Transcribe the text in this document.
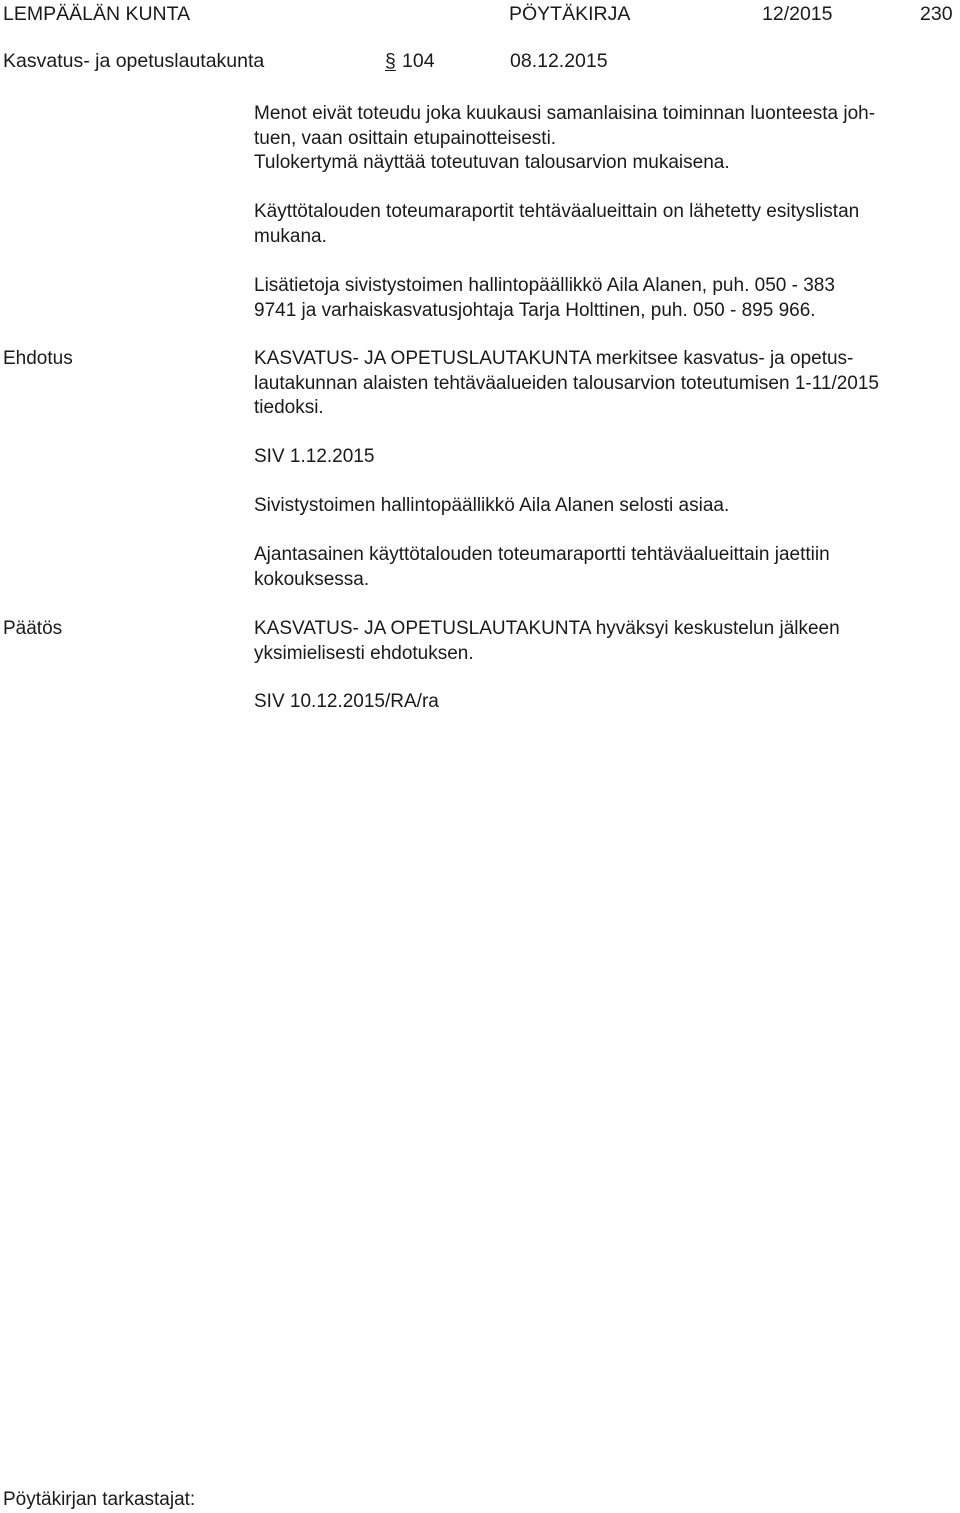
LEMPÄÄLÄN KUNTA	PÖYTÄKIRJA	12/2015	230
Kasvatus- ja opetuslautakunta	§ 104	08.12.2015
Menot eivät toteudu joka kuukausi samanlaisina toiminnan luonteesta joh-
tuen, vaan osittain etupainotteisesti.
Tulokertymä näyttää toteutuvan talousarvion mukaisena.
Käyttötalouden toteumaraportit tehtäväalueittain on lähetetty esityslistan
mukana.
Lisätietoja sivistystoimen hallintopäällikkö Aila Alanen, puh. 050 - 383
9741 ja varhaiskasvatusjohtaja Tarja Holttinen, puh. 050 - 895 966.
Ehdotus	KASVATUS- JA OPETUSLAUTAKUNTA merkitsee kasvatus- ja opetus-
lautakunnan alaisten tehtäväalueiden talousarvion toteutumisen 1-11/2015
tiedoksi.
SIV 1.12.2015
Sivistystoimen hallintopäällikkö Aila Alanen selosti asiaa.
Ajantasainen käyttötalouden toteumaraportti tehtäväalueittain jaettiin
kokouksessa.
Päätös	KASVATUS- JA OPETUSLAUTAKUNTA hyväksyi keskustelun jälkeen
yksimielisesti ehdotuksen.
SIV 10.12.2015/RA/ra
Pöytäkirjan tarkastajat:
